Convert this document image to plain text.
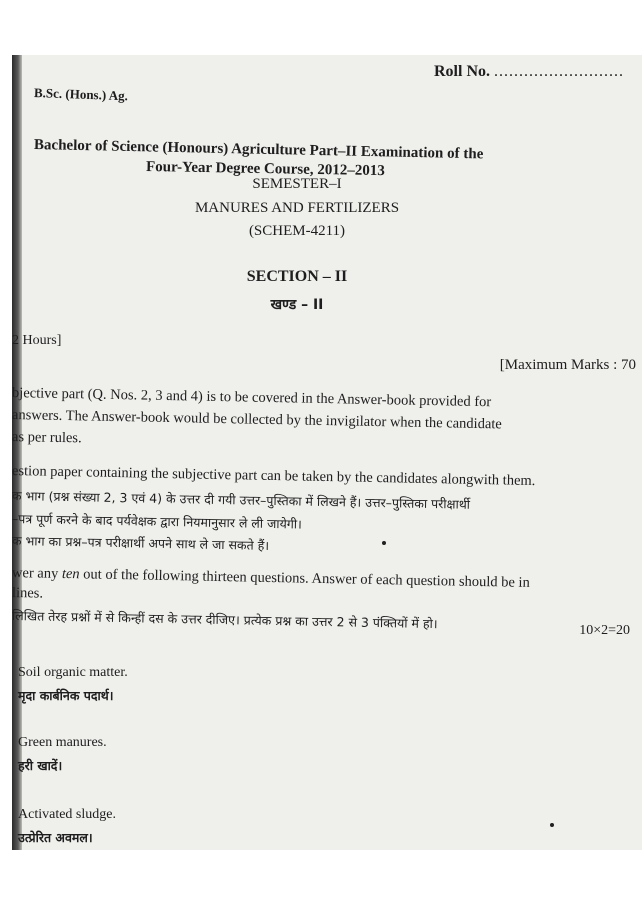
Roll No. ..........................
B.Sc. (Hons.) Ag.
Bachelor of Science (Honours) Agriculture Part–II Examination of the
Four-Year Degree Course, 2012–2013
SEMESTER–I
MANURES AND FERTILIZERS
(SCHEM-4211)
SECTION – II
खण्ड – II
2 Hours]
[Maximum Marks : 70
bjective part (Q. Nos. 2, 3 and 4) is to be covered in the Answer-book provided for
answers. The Answer-book would be collected by the invigilator when the candidate
as per rules.
estion paper containing the subjective part can be taken by the candidates alongwith them.
क भाग (प्रश्न संख्या 2, 3 एवं 4) के उत्तर दी गयी उत्तर–पुस्तिका में लिखने हैं। उत्तर–पुस्तिका परीक्षार्थी
–पत्र पूर्ण करने के बाद पर्यवेक्षक द्वारा नियमानुसार ले ली जायेगी।
क भाग का प्रश्न–पत्र परीक्षार्थी अपने साथ ले जा सकते हैं।
wer any ten out of the following thirteen questions. Answer of each question should be in
lines.
लिखित तेरह प्रश्नों में से किन्हीं दस के उत्तर दीजिए। प्रत्येक प्रश्न का उत्तर 2 से 3 पंक्तियों में हो।	10×2=20
Soil organic matter.
मृदा कार्बनिक पदार्थ।
Green manures.
हरी खादें।
Activated sludge.
उत्प्रेरित अवमल।
